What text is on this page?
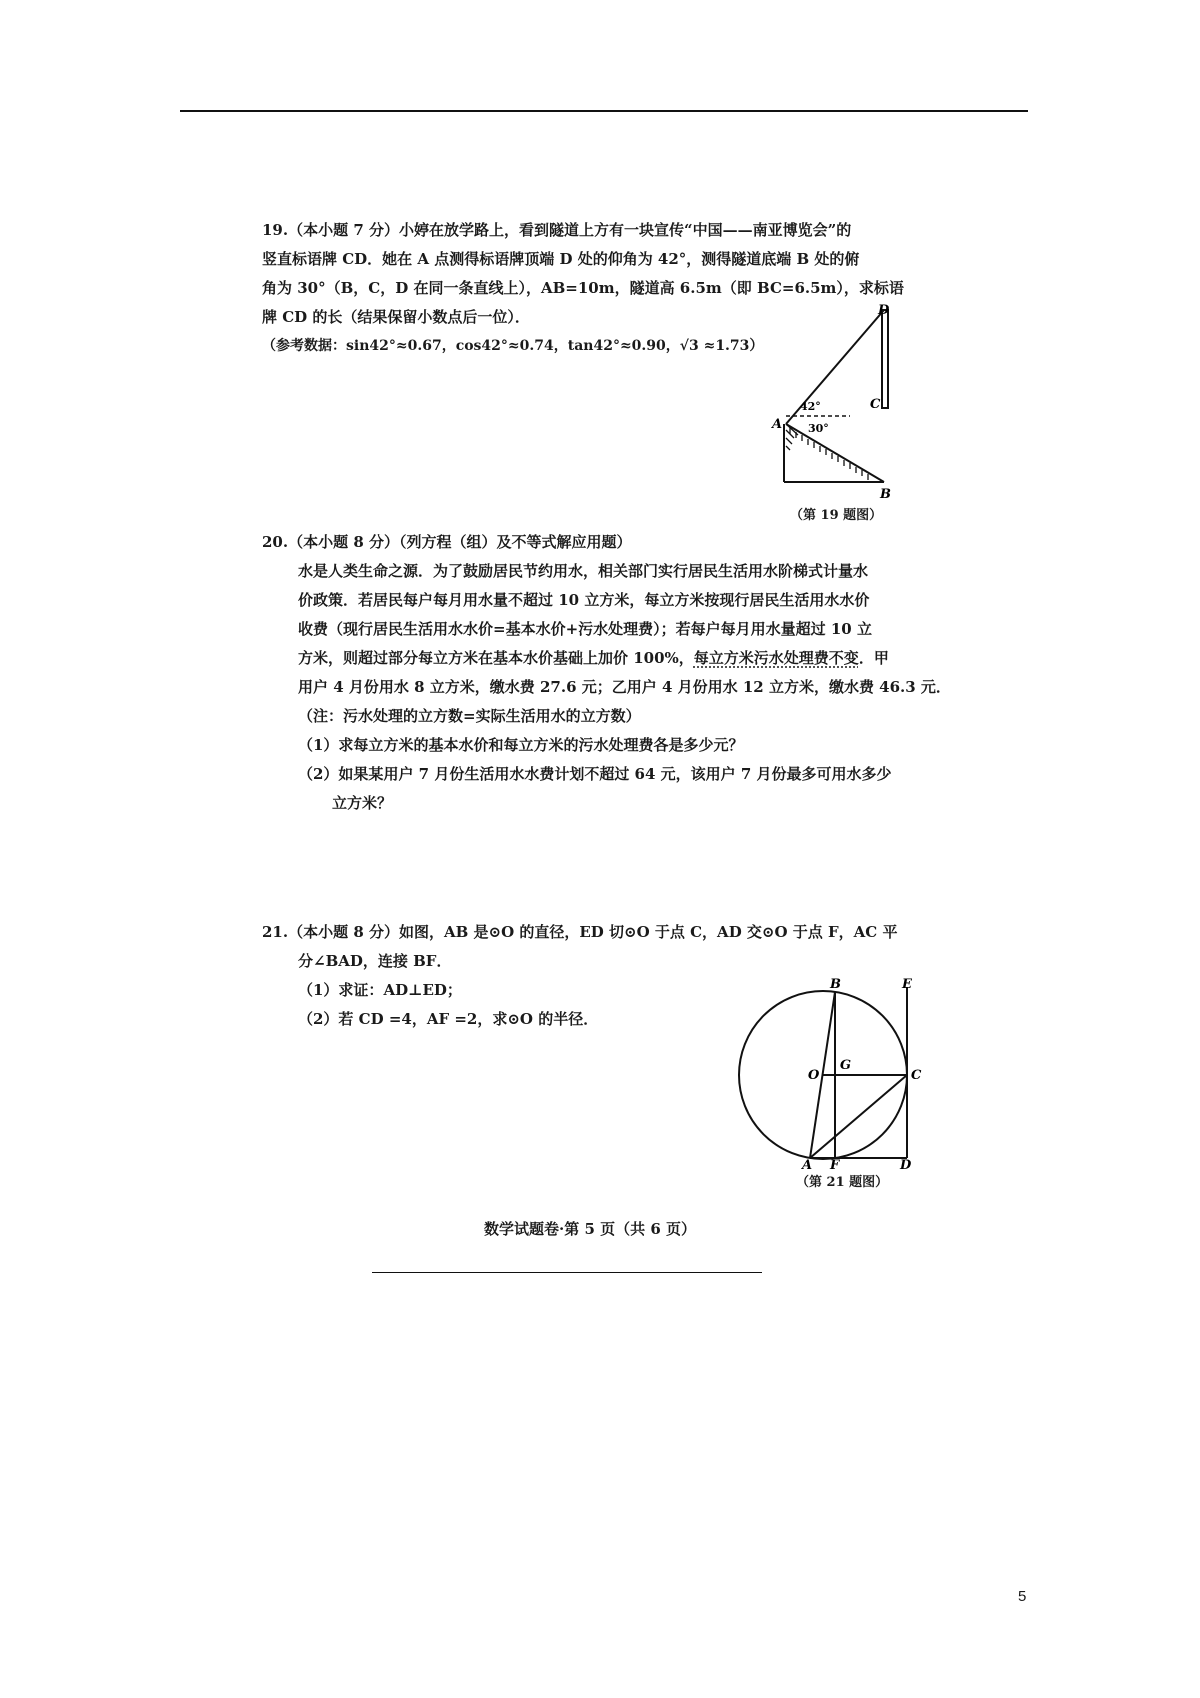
19.（本小题 7 分）小婷在放学路上，看到隧道上方有一块宣传“中国——南亚博览会”的

竖直标语牌 CD．她在 A 点测得标语牌顶端 D 处的仰角为 42°，测得隧道底端 B 处的俯

角为 30°（B，C，D 在同一条直线上），AB=10m，隧道高 6.5m（即 BC=6.5m），求标语

牌 CD 的长（结果保留小数点后一位）．

（参考数据：sin42°≈0.67，cos42°≈0.74，tan42°≈0.90，√3 ≈1.73）

D
C
A
B
42°
30°
（第 19 题图）

20.（本小题 8 分）（列方程（组）及不等式解应用题）

水是人类生命之源．为了鼓励居民节约用水，相关部门实行居民生活用水阶梯式计量水

价政策．若居民每户每月用水量不超过 10 立方米，每立方米按现行居民生活用水水价

收费（现行居民生活用水水价=基本水价+污水处理费）；若每户每月用水量超过 10 立

方米，则超过部分每立方米在基本水价基础上加价 100%，每立方米污水处理费不变．甲

用户 4 月份用水 8 立方米，缴水费 27.6 元；乙用户 4 月份用水 12 立方米，缴水费 46.3 元．

（注：污水处理的立方数=实际生活用水的立方数）

（1）求每立方米的基本水价和每立方米的污水处理费各是多少元？

（2）如果某用户 7 月份生活用水水费计划不超过 64 元，该用户 7 月份最多可用水多少

立方米？

21.（本小题 8 分）如图，AB 是⊙O 的直径，ED 切⊙O 于点 C，AD 交⊙O 于点 F，AC 平

分∠BAD，连接 BF．

（1）求证：AD⊥ED；

（2）若 CD =4，AF =2，求⊙O 的半径．

B	E
O
G
C
A F	D
（第 21 题图）
数学试题卷·第 5 页（共 6 页）
5
